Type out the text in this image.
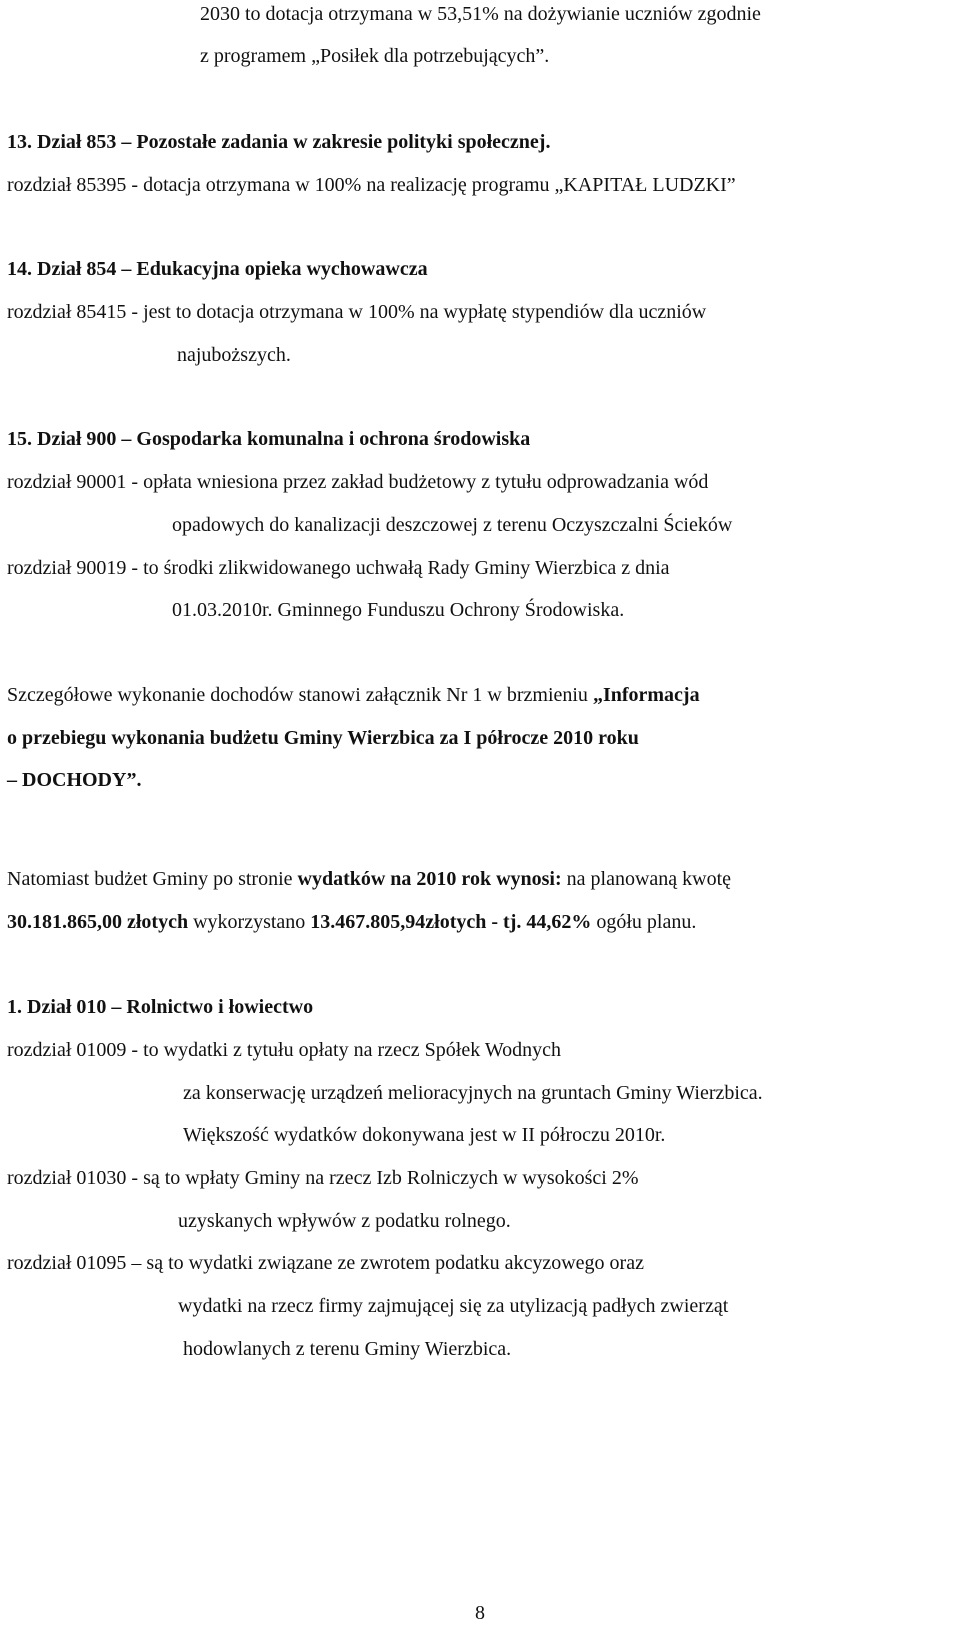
2030 to dotacja otrzymana w 53,51% na dożywianie uczniów zgodnie
z programem „Posiłek dla potrzebujących”.
13. Dział 853 – Pozostałe zadania w zakresie polityki społecznej.
rozdział 85395 - dotacja otrzymana w 100% na realizację programu „KAPITAŁ LUDZKI”
14. Dział 854 – Edukacyjna opieka wychowawcza
rozdział 85415 - jest to dotacja otrzymana w 100% na wypłatę stypendiów dla uczniów
najuboższych.
15. Dział 900 – Gospodarka komunalna i ochrona środowiska
rozdział 90001 - opłata wniesiona przez zakład budżetowy z tytułu odprowadzania wód
opadowych do kanalizacji deszczowej z terenu Oczyszczalni Ścieków
rozdział 90019 - to środki zlikwidowanego uchwałą Rady Gminy Wierzbica z dnia
01.03.2010r. Gminnego Funduszu Ochrony Środowiska.
Szczegółowe wykonanie dochodów stanowi załącznik Nr 1 w brzmieniu „Informacja
o przebiegu wykonania budżetu Gminy Wierzbica za I półrocze 2010 roku
– DOCHODY”.
Natomiast budżet Gminy po stronie wydatków na 2010 rok wynosi: na planowaną kwotę
30.181.865,00 złotych wykorzystano 13.467.805,94złotych - tj. 44,62% ogółu planu.
1. Dział 010 – Rolnictwo i łowiectwo
rozdział 01009 - to wydatki z tytułu opłaty na rzecz Spółek Wodnych
za konserwację urządzeń melioracyjnych na gruntach Gminy Wierzbica.
Większość wydatków dokonywana jest w II półroczu 2010r.
rozdział 01030 - są to wpłaty Gminy na rzecz Izb Rolniczych w wysokości 2%
uzyskanych wpływów z podatku rolnego.
rozdział 01095 – są to wydatki związane ze zwrotem podatku akcyzowego oraz
wydatki na rzecz firmy zajmującej się za utylizacją padłych zwierząt
hodowlanych z terenu Gminy Wierzbica.
8
